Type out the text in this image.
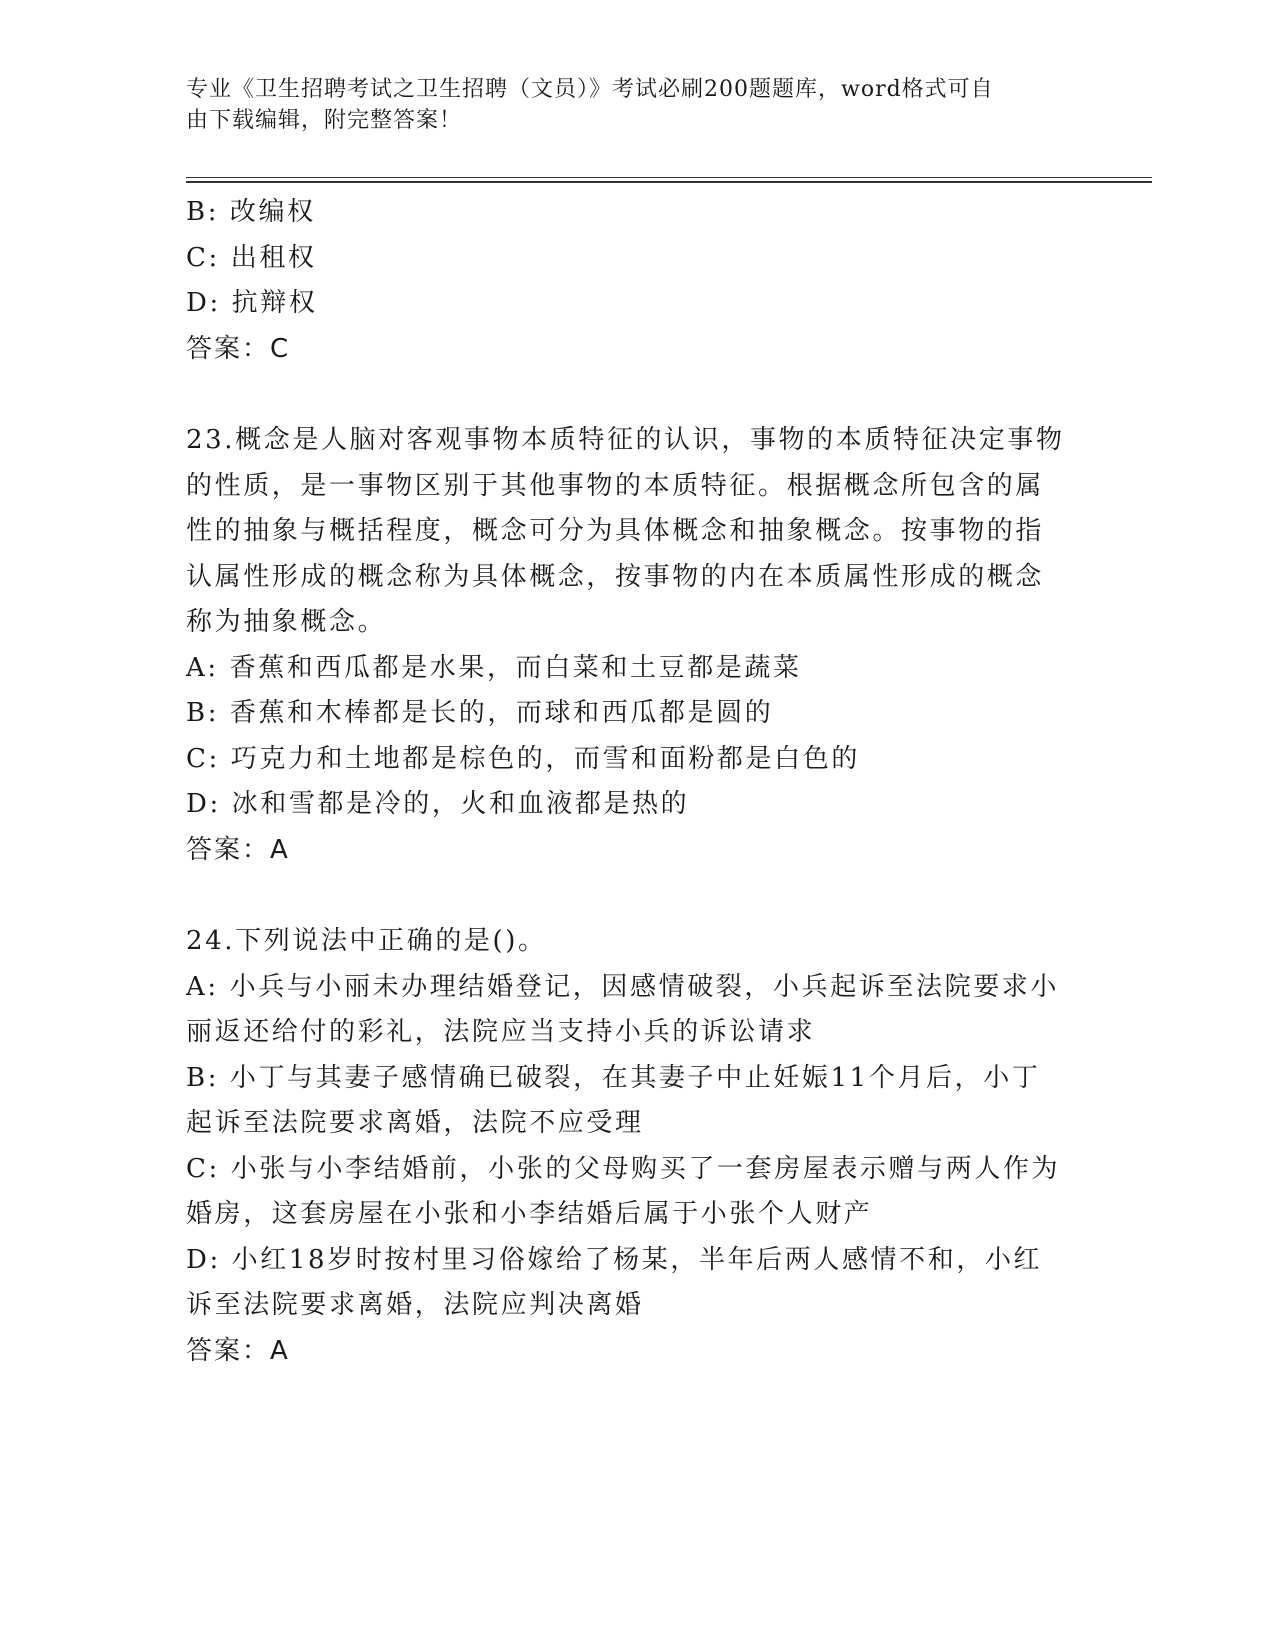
专业《卫生招聘考试之卫生招聘（文员）》考试必刷200题题库，word格式可自
由下载编辑，附完整答案！
B: 改编权
C: 出租权
D: 抗辩权
答案：C
23.概念是人脑对客观事物本质特征的认识，事物的本质特征决定事物
的性质，是一事物区别于其他事物的本质特征。根据概念所包含的属
性的抽象与概括程度，概念可分为具体概念和抽象概念。按事物的指
认属性形成的概念称为具体概念，按事物的内在本质属性形成的概念
称为抽象概念。
A: 香蕉和西瓜都是水果，而白菜和土豆都是蔬菜
B: 香蕉和木棒都是长的，而球和西瓜都是圆的
C: 巧克力和土地都是棕色的，而雪和面粉都是白色的
D: 冰和雪都是冷的，火和血液都是热的
答案：A
24.下列说法中正确的是()。
A: 小兵与小丽未办理结婚登记，因感情破裂，小兵起诉至法院要求小
丽返还给付的彩礼，法院应当支持小兵的诉讼请求
B: 小丁与其妻子感情确已破裂，在其妻子中止妊娠11个月后，小丁
起诉至法院要求离婚，法院不应受理
C: 小张与小李结婚前，小张的父母购买了一套房屋表示赠与两人作为
婚房，这套房屋在小张和小李结婚后属于小张个人财产
D: 小红18岁时按村里习俗嫁给了杨某，半年后两人感情不和，小红
诉至法院要求离婚，法院应判决离婚
答案：A
